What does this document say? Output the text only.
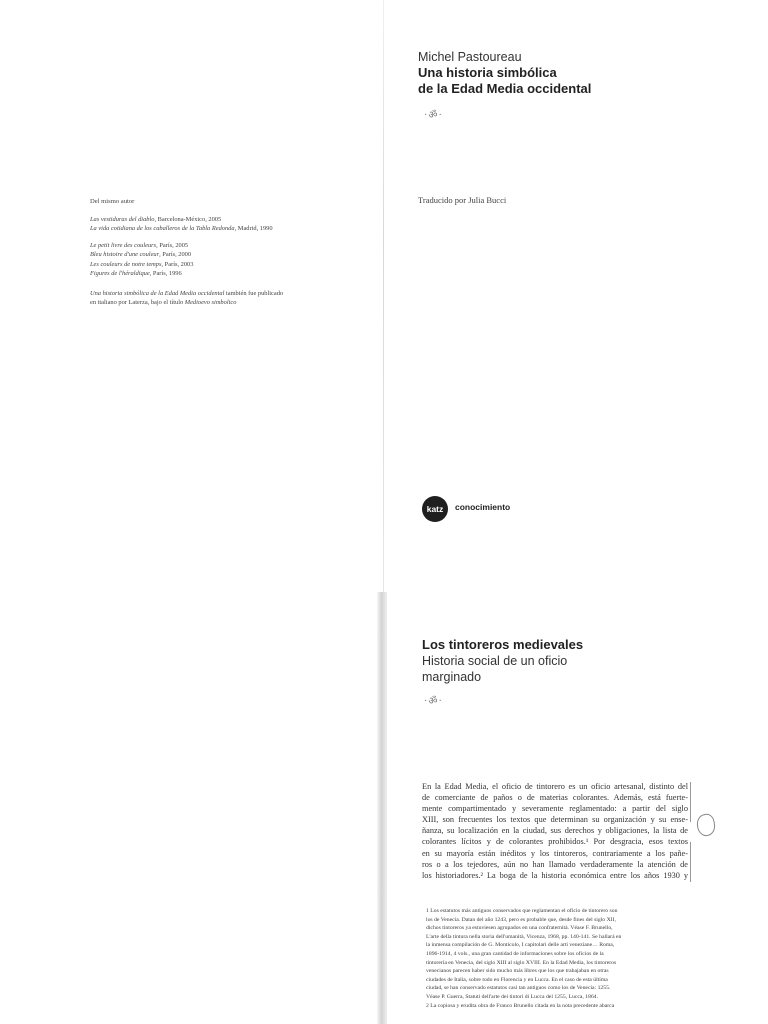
Michel Pastoureau
Una historia simbólica
de la Edad Media occidental
·ॐ·
Traducido por Julia Bucci
Del mismo autor
Las vestiduras del diablo, Barcelona-México, 2005
La vida cotidiana de los caballeros de la Tabla Redonda, Madrid, 1990
Le petit livre des couleurs, París, 2005
Bleu histoire d'une couleur, París, 2000
Les couleurs de notre temps, París, 2003
Figures de l'héraldique, París, 1996
Una historia simbólica de la Edad Media occidental también fue publicado
en italiano por Laterza, bajo el título Medioevo simbolico
katz	conocimiento
Los tintoreros medievales
Historia social de un oficio
marginado
·ॐ·
En la Edad Media, el oficio de tintorero es un oficio artesanal, distinto del
de comerciante de paños o de materias colorantes. Además, está fuerte-
mente compartimentado y severamente reglamentado: a partir del siglo
XIII, son frecuentes los textos que determinan su organización y su ense-
ñanza, su localización en la ciudad, sus derechos y obligaciones, la lista de
colorantes lícitos y de colorantes prohibidos.¹ Por desgracia, esos textos
en su mayoría están inéditos y los tintoreros, contrariamente a los pañe-
ros o a los tejedores, aún no han llamado verdaderamente la atención de
los historiadores.² La boga de la historia económica entre los años 1930 y
1 Los estatutos más antiguos conservados que reglamentan el oficio de tintorero son
los de Venecia. Datan del año 1243, pero es probable que, desde fines del siglo XII,
dichos tintoreros ya estuviesen agrupados en una confraternità. Véase F. Brunello,
L'arte della tintura nella storia dell'umanità, Vicenza, 1968, pp. 140-141. Se hallará en
la inmensa compilación de G. Monticolo, I capitolari delle arti veneziane… Roma,
1896-1914, 4 vols., una gran cantidad de informaciones sobre los oficios de la
tintorería en Venecia, del siglo XIII al siglo XVIII. En la Edad Media, los tintoreros
venecianos parecen haber sido mucho más libres que los que trabajaban en otras
ciudades de Italia, sobre todo en Florencia y en Lucca. En el caso de esta última
ciudad, se han conservado estatutos casi tan antiguos como los de Venecia: 1255.
Véase P. Guerra, Statuti dell'arte dei tintori di Lucca del 1255, Lucca, 1864.
2 La copiosa y erudita obra de Franco Brunello citada en la nota precedente abarca
